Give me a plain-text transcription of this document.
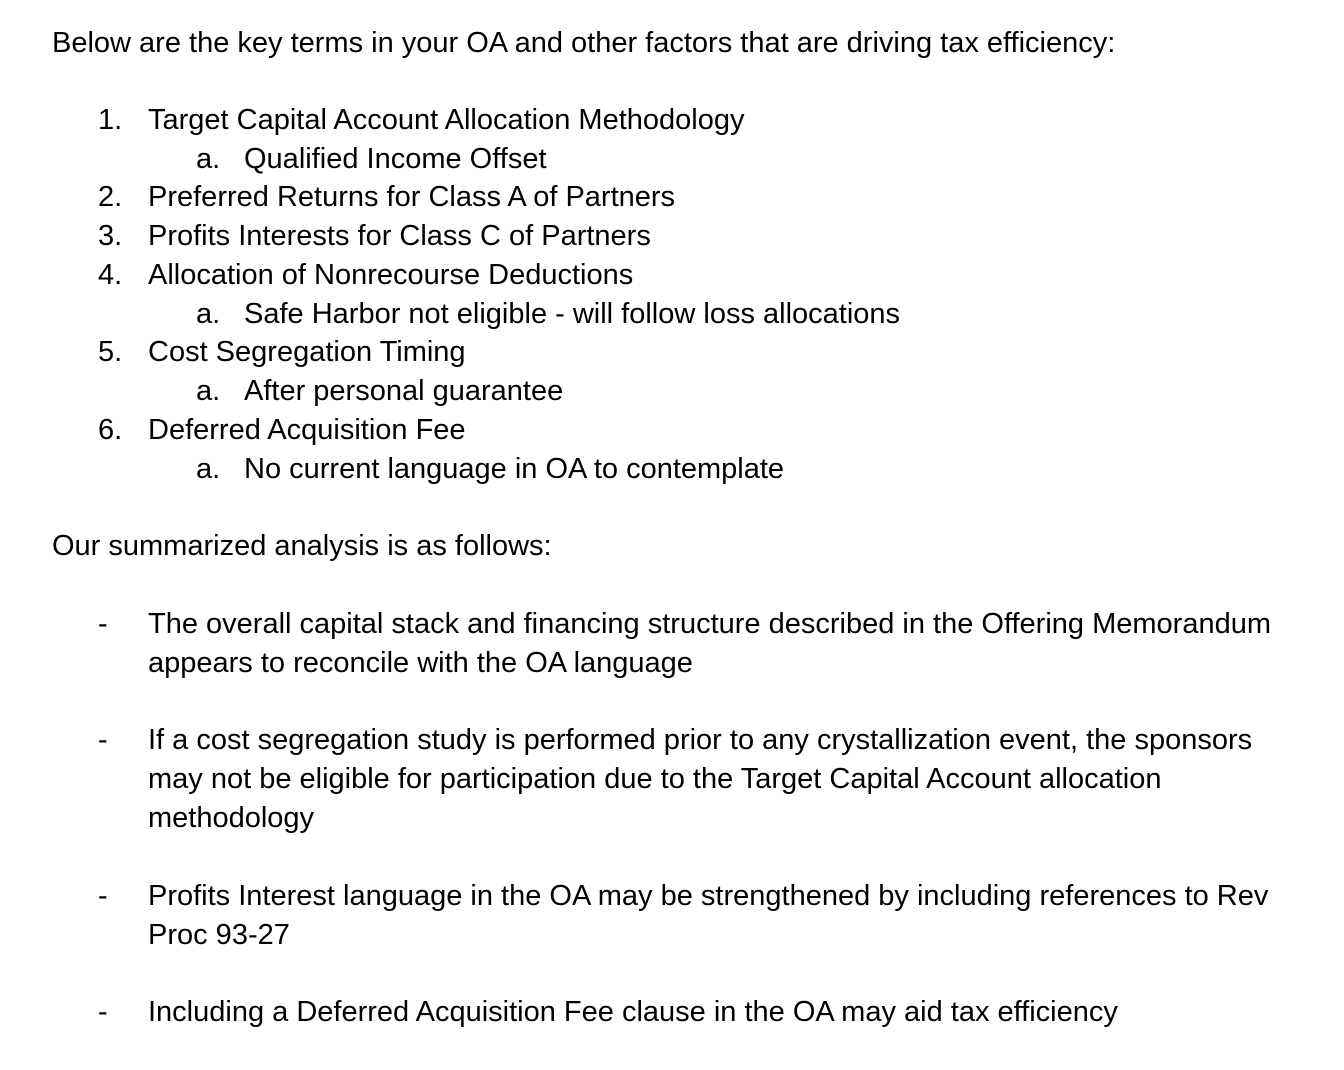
Below are the key terms in your OA and other factors that are driving tax efficiency:
1. Target Capital Account Allocation Methodology
a. Qualified Income Offset
2. Preferred Returns for Class A of Partners
3. Profits Interests for Class C of Partners
4. Allocation of Nonrecourse Deductions
a. Safe Harbor not eligible - will follow loss allocations
5. Cost Segregation Timing
a. After personal guarantee
6. Deferred Acquisition Fee
a. No current language in OA to contemplate
Our summarized analysis is as follows:
- The overall capital stack and financing structure described in the Offering Memorandum appears to reconcile with the OA language
- If a cost segregation study is performed prior to any crystallization event, the sponsors may not be eligible for participation due to the Target Capital Account allocation methodology
- Profits Interest language in the OA may be strengthened by including references to Rev Proc 93-27
- Including a Deferred Acquisition Fee clause in the OA may aid tax efficiency
